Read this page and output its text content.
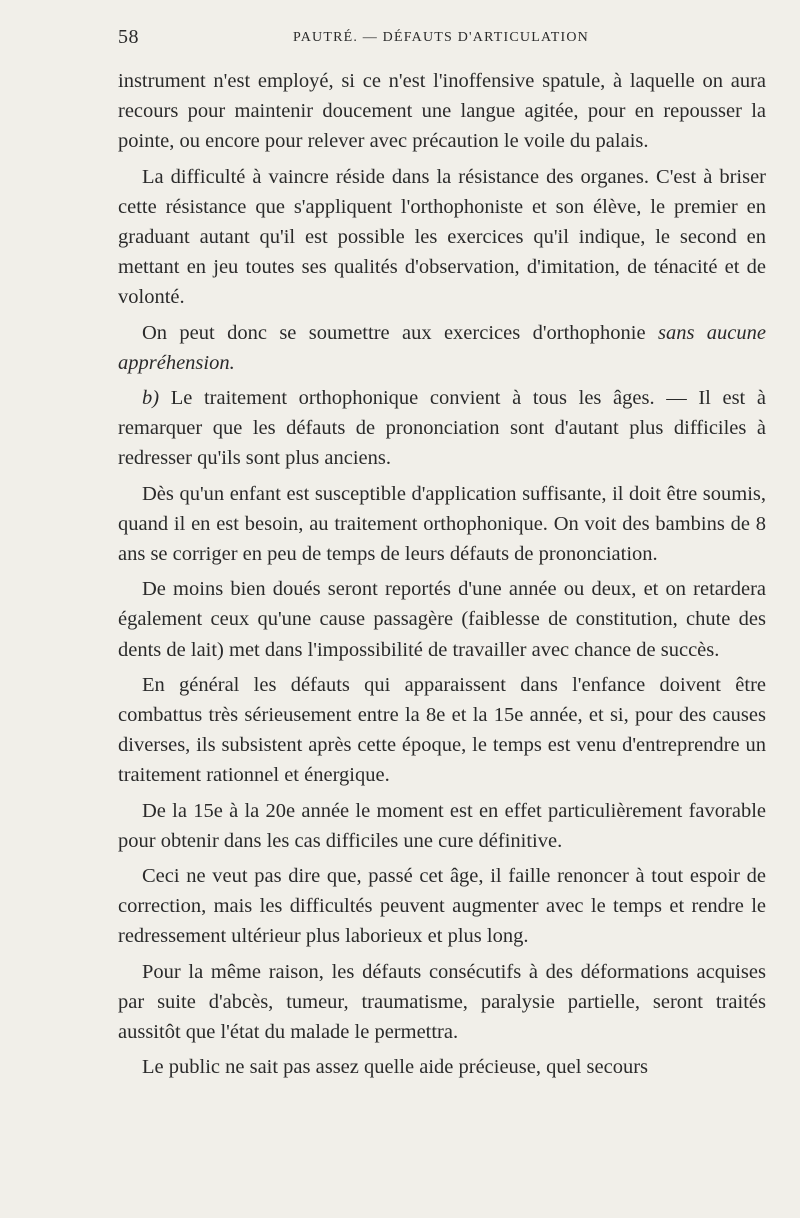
58	PAUTRÉ. — DÉFAUTS D'ARTICULATION

instrument n'est employé, si ce n'est l'inoffensive spatule, à laquelle on aura recours pour maintenir doucement une langue agitée, pour en repousser la pointe, ou encore pour relever avec précaution le voile du palais.

La difficulté à vaincre réside dans la résistance des organes. C'est à briser cette résistance que s'appliquent l'orthophoniste et son élève, le premier en graduant autant qu'il est possible les exercices qu'il indique, le second en mettant en jeu toutes ses qualités d'observation, d'imitation, de ténacité et de volonté.

On peut donc se soumettre aux exercices d'orthophonie sans aucune appréhension.

b) Le traitement orthophonique convient à tous les âges. — Il est à remarquer que les défauts de prononciation sont d'autant plus difficiles à redresser qu'ils sont plus anciens.

Dès qu'un enfant est susceptible d'application suffisante, il doit être soumis, quand il en est besoin, au traitement orthophonique. On voit des bambins de 8 ans se corriger en peu de temps de leurs défauts de prononciation.

De moins bien doués seront reportés d'une année ou deux, et on retardera également ceux qu'une cause passagère (faiblesse de constitution, chute des dents de lait) met dans l'impossibilité de travailler avec chance de succès.

En général les défauts qui apparaissent dans l'enfance doivent être combattus très sérieusement entre la 8e et la 15e année, et si, pour des causes diverses, ils subsistent après cette époque, le temps est venu d'entreprendre un traitement rationnel et énergique.

De la 15e à la 20e année le moment est en effet particulièrement favorable pour obtenir dans les cas difficiles une cure définitive.

Ceci ne veut pas dire que, passé cet âge, il faille renoncer à tout espoir de correction, mais les difficultés peuvent augmenter avec le temps et rendre le redressement ultérieur plus laborieux et plus long.

Pour la même raison, les défauts consécutifs à des déformations acquises par suite d'abcès, tumeur, traumatisme, paralysie partielle, seront traités aussitôt que l'état du malade le permettra.

Le public ne sait pas assez quelle aide précieuse, quel secours
